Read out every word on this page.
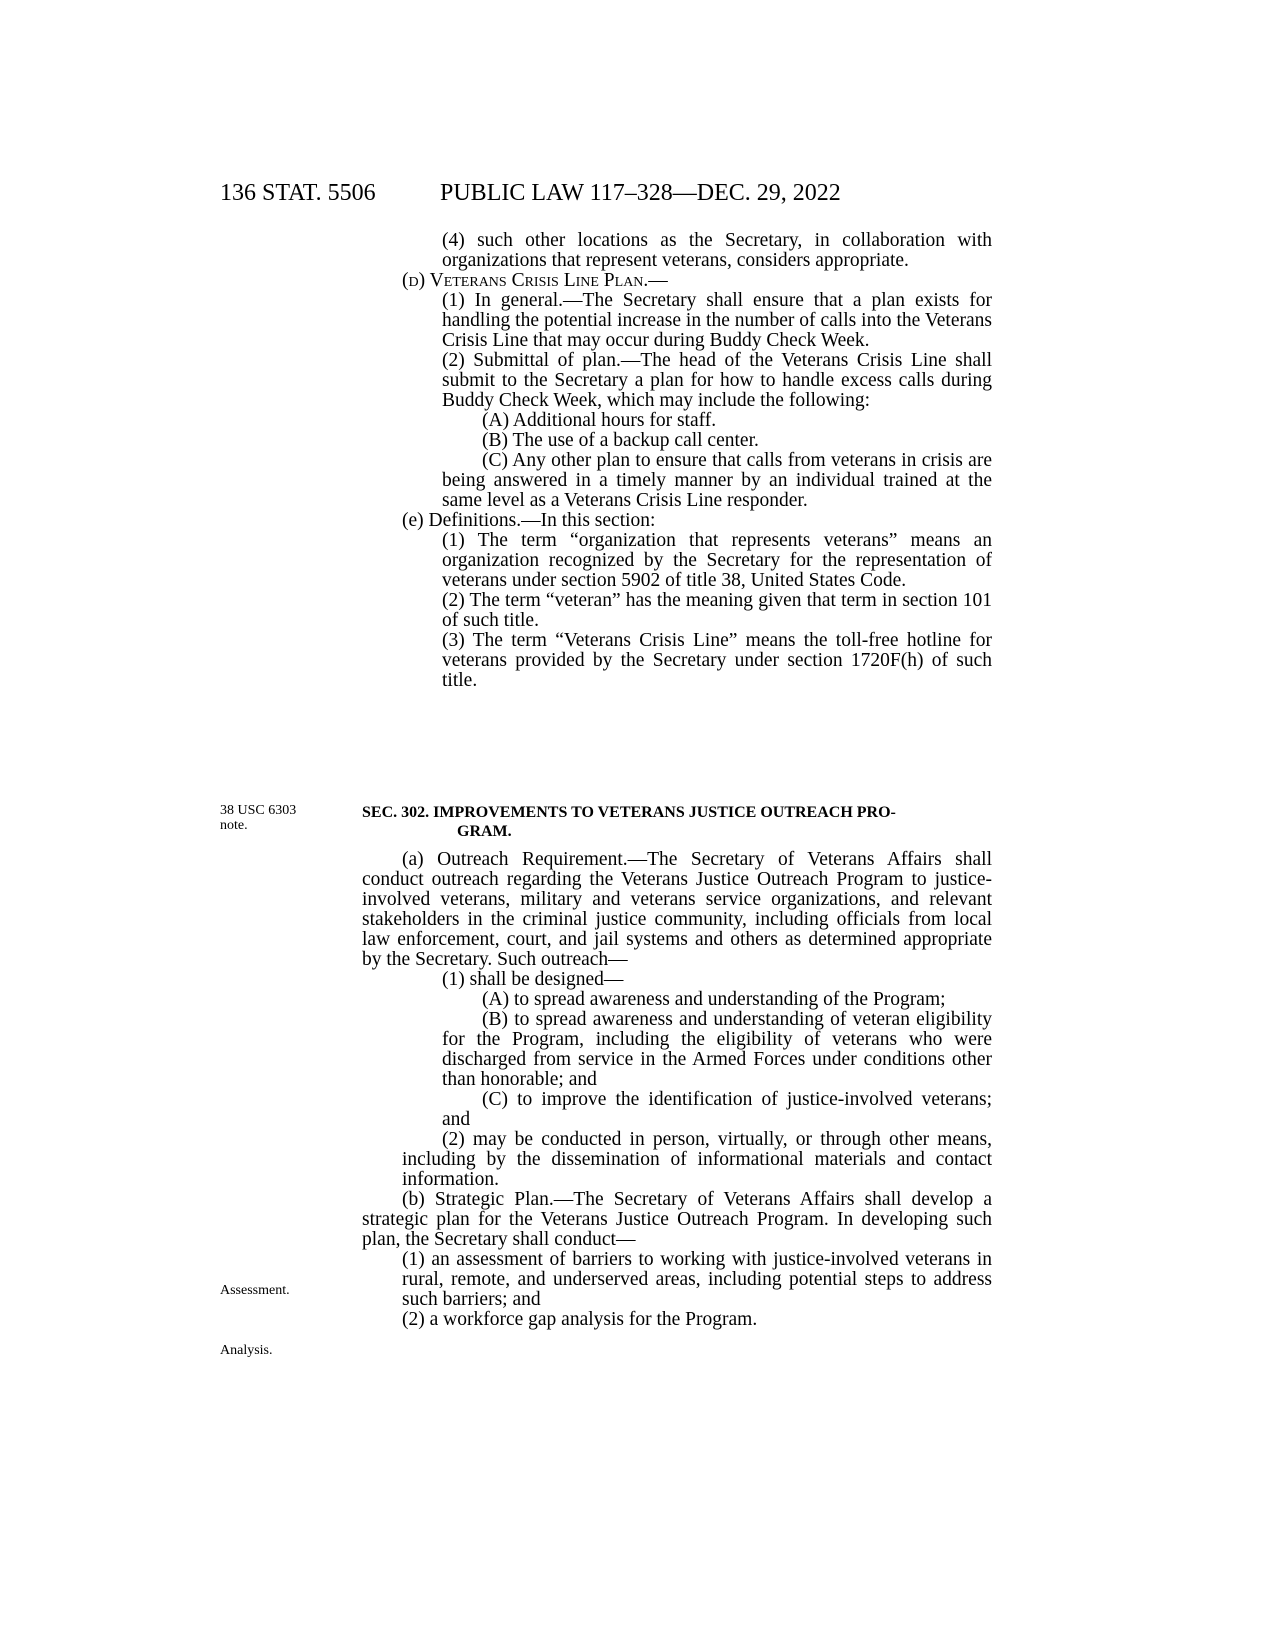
136 STAT. 5506	PUBLIC LAW 117–328—DEC. 29, 2022

(4) such other locations as the Secretary, in collaboration with organizations that represent veterans, considers appropriate.

(d) Veterans Crisis Line Plan.—

(1) In general.—The Secretary shall ensure that a plan exists for handling the potential increase in the number of calls into the Veterans Crisis Line that may occur during Buddy Check Week.

(2) Submittal of plan.—The head of the Veterans Crisis Line shall submit to the Secretary a plan for how to handle excess calls during Buddy Check Week, which may include the following:

(A) Additional hours for staff.

(B) The use of a backup call center.

(C) Any other plan to ensure that calls from veterans in crisis are being answered in a timely manner by an individual trained at the same level as a Veterans Crisis Line responder.

(e) Definitions.—In this section:

(1) The term “organization that represents veterans” means an organization recognized by the Secretary for the representation of veterans under section 5902 of title 38, United States Code.

(2) The term “veteran” has the meaning given that term in section 101 of such title.

(3) The term “Veterans Crisis Line” means the toll-free hotline for veterans provided by the Secretary under section 1720F(h) of such title.

38 USC 6303
note.
SEC. 302. IMPROVEMENTS TO VETERANS JUSTICE OUTREACH PRO-
GRAM.

(a) Outreach Requirement.—The Secretary of Veterans Affairs shall conduct outreach regarding the Veterans Justice Outreach Program to justice-involved veterans, military and veterans service organizations, and relevant stakeholders in the criminal justice community, including officials from local law enforcement, court, and jail systems and others as determined appropriate by the Secretary. Such outreach—

(1) shall be designed—

(A) to spread awareness and understanding of the Program;

(B) to spread awareness and understanding of veteran eligibility for the Program, including the eligibility of veterans who were discharged from service in the Armed Forces under conditions other than honorable; and

(C) to improve the identification of justice-involved veterans; and

(2) may be conducted in person, virtually, or through other means, including by the dissemination of informational materials and contact information.

(b) Strategic Plan.—The Secretary of Veterans Affairs shall develop a strategic plan for the Veterans Justice Outreach Program. In developing such plan, the Secretary shall conduct—

(1) an assessment of barriers to working with justice-involved veterans in rural, remote, and underserved areas, including potential steps to address such barriers; and

(2) a workforce gap analysis for the Program.

Assessment.
Analysis.
